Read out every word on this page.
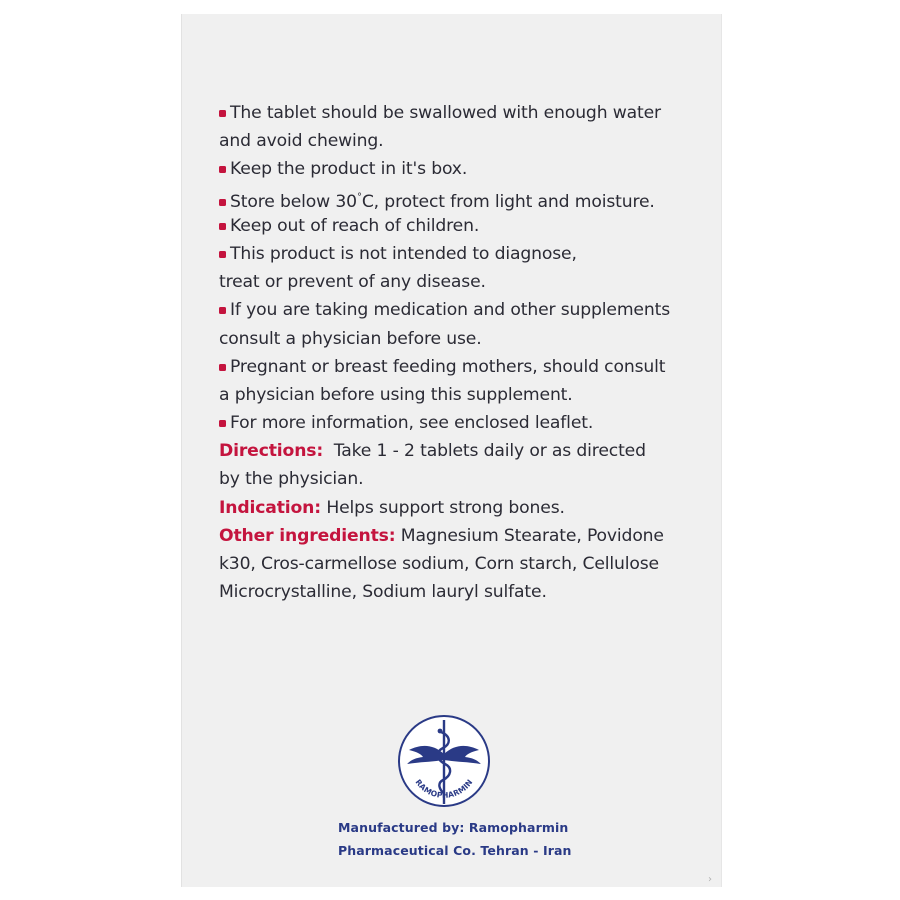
›
The tablet should be swallowed with enough water
and avoid chewing.
Keep the product in it's box.
Store below 30°C, protect from light and moisture.
Keep out of reach of children.
This product is not intended to diagnose,
treat or prevent of any disease.
If you are taking medication and other supplements
consult a physician before use.
Pregnant or breast feeding mothers, should consult
a physician before using this supplement.
For more information, see enclosed leaflet.
Directions: Take 1 - 2 tablets daily or as directed
by the physician.
Indication: Helps support strong bones.
Other ingredients: Magnesium Stearate, Povidone
k30, Cros-carmellose sodium, Corn starch, Cellulose
Microcrystalline, Sodium lauryl sulfate.
RAMOPHARMIN
Manufactured by: Ramopharmin
Pharmaceutical Co. Tehran - Iran
